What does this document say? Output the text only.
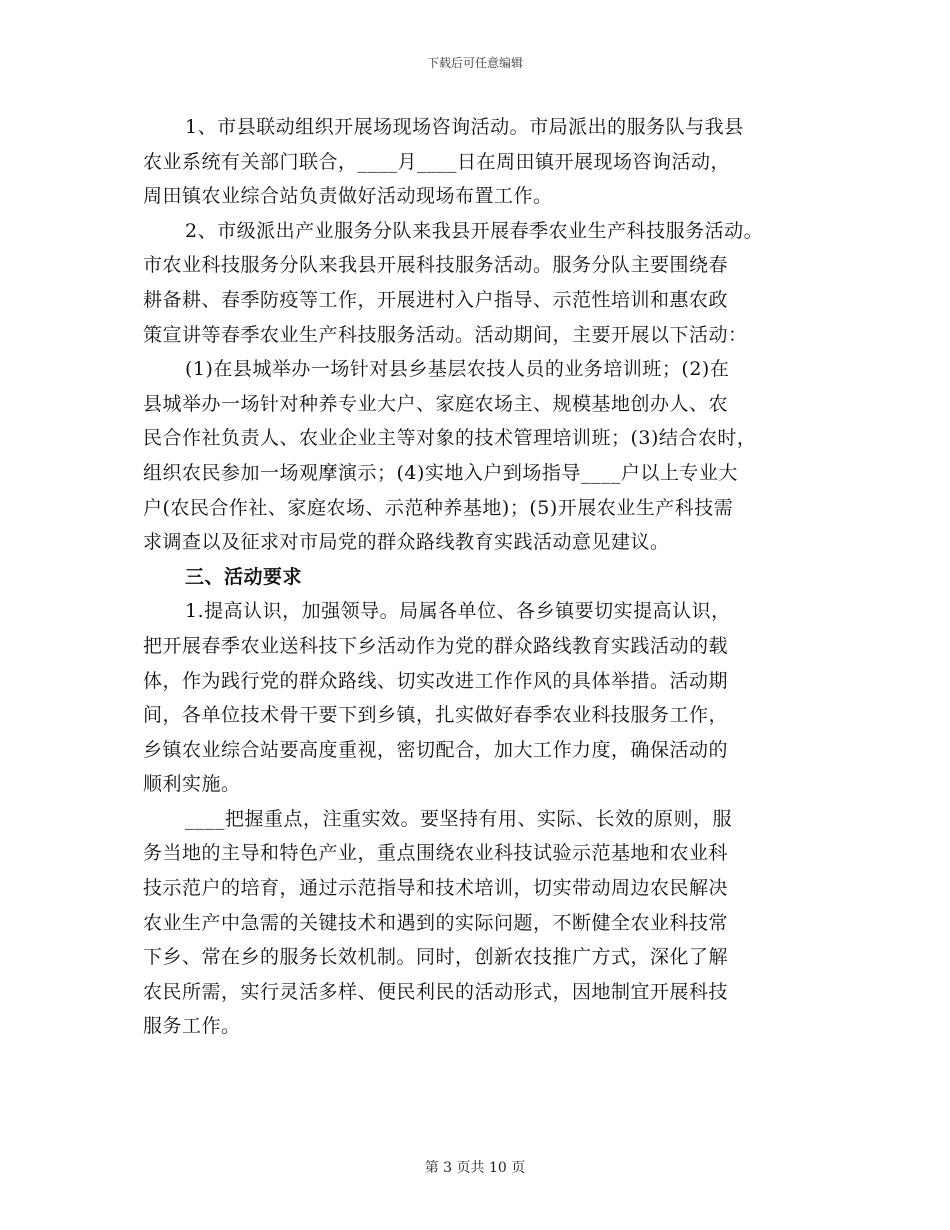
下载后可任意编辑
1、市县联动组织开展场现场咨询活动。市局派出的服务队与我县
农业系统有关部门联合，____月____日在周田镇开展现场咨询活动，
周田镇农业综合站负责做好活动现场布置工作。
2、市级派出产业服务分队来我县开展春季农业生产科技服务活动。
市农业科技服务分队来我县开展科技服务活动。服务分队主要围绕春
耕备耕、春季防疫等工作，开展进村入户指导、示范性培训和惠农政
策宣讲等春季农业生产科技服务活动。活动期间，主要开展以下活动：
(1)在县城举办一场针对县乡基层农技人员的业务培训班；(2)在
县城举办一场针对种养专业大户、家庭农场主、规模基地创办人、农
民合作社负责人、农业企业主等对象的技术管理培训班；(3)结合农时，
组织农民参加一场观摩演示；(4)实地入户到场指导____户以上专业大
户(农民合作社、家庭农场、示范种养基地)；(5)开展农业生产科技需
求调查以及征求对市局党的群众路线教育实践活动意见建议。
三、活动要求
1.提高认识，加强领导。局属各单位、各乡镇要切实提高认识，
把开展春季农业送科技下乡活动作为党的群众路线教育实践活动的载
体，作为践行党的群众路线、切实改进工作作风的具体举措。活动期
间，各单位技术骨干要下到乡镇，扎实做好春季农业科技服务工作，
乡镇农业综合站要高度重视，密切配合，加大工作力度，确保活动的
顺利实施。
____把握重点，注重实效。要坚持有用、实际、长效的原则，服
务当地的主导和特色产业，重点围绕农业科技试验示范基地和农业科
技示范户的培育，通过示范指导和技术培训，切实带动周边农民解决
农业生产中急需的关键技术和遇到的实际问题，不断健全农业科技常
下乡、常在乡的服务长效机制。同时，创新农技推广方式，深化了解
农民所需，实行灵活多样、便民利民的活动形式，因地制宜开展科技
服务工作。
第 3 页共 10 页
